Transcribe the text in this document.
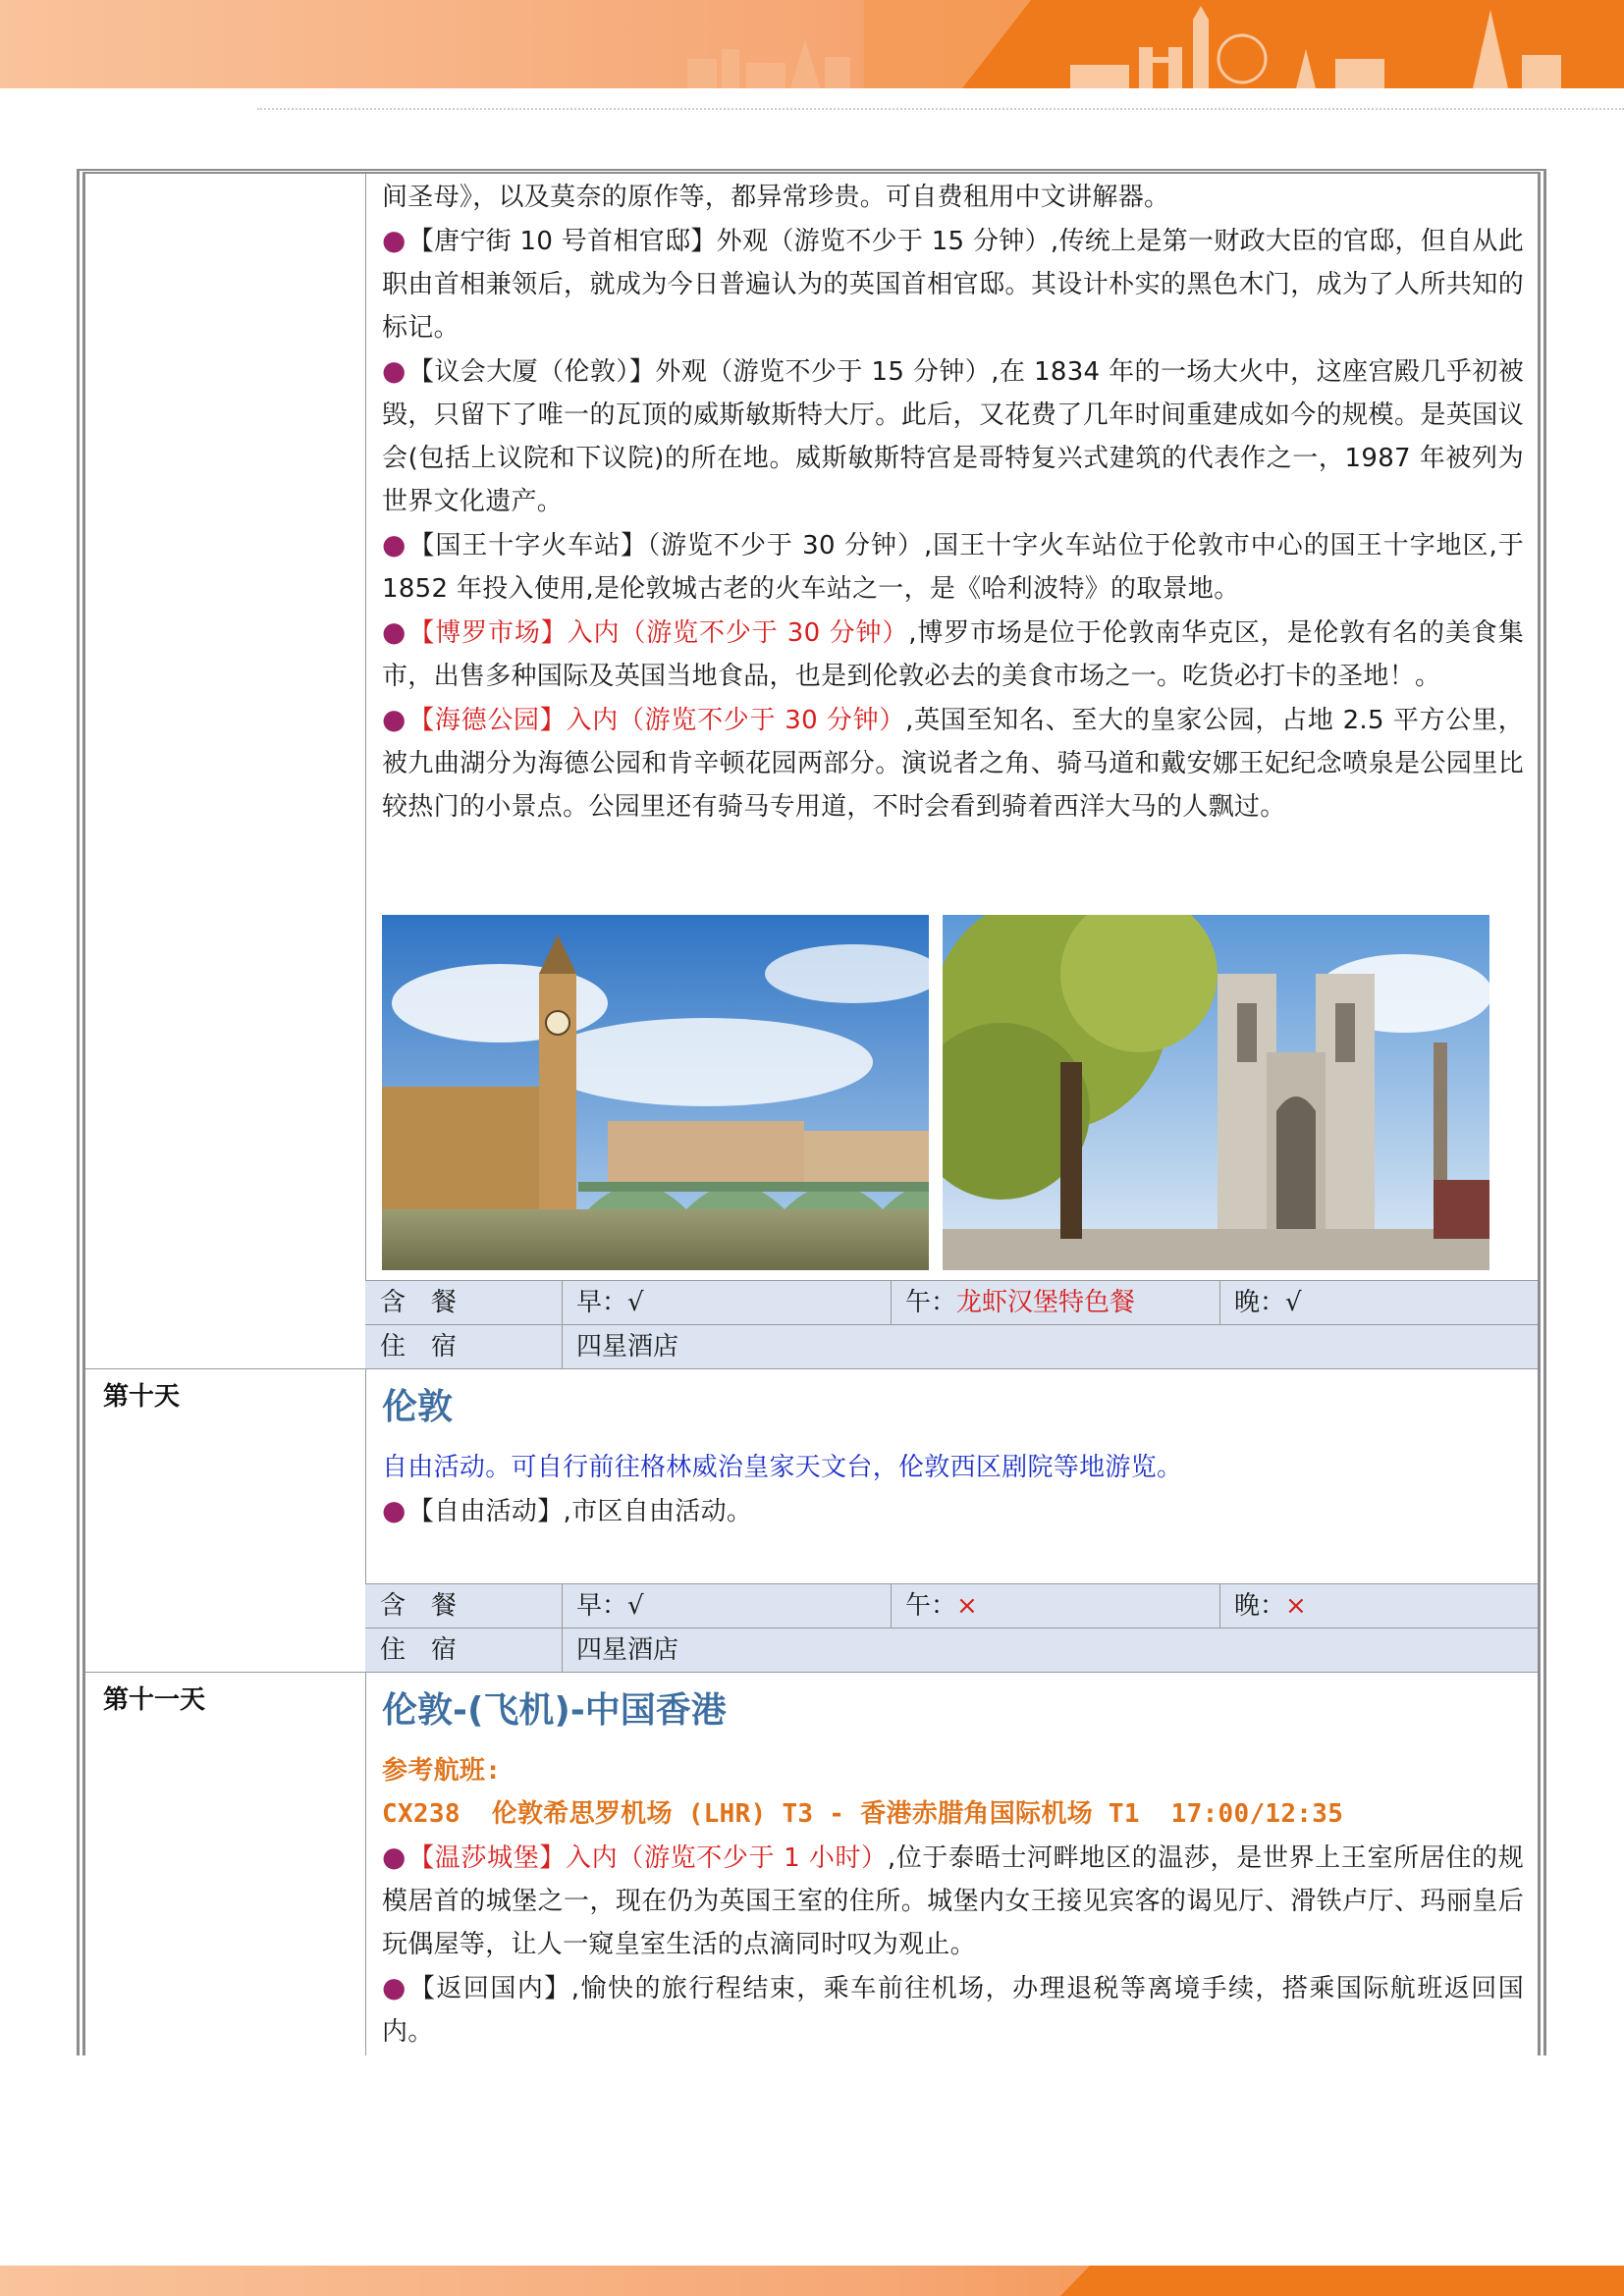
间圣母》，以及莫奈的原作等，都异常珍贵。可自费租用中文讲解器。

●【唐宁街 10 号首相官邸】外观（游览不少于 15 分钟）,传统上是第一财政大臣的官邸，但自从此职由首相兼领后，就成为今日普遍认为的英国首相官邸。其设计朴实的黑色木门，成为了人所共知的标记。

●【议会大厦（伦敦）】外观（游览不少于 15 分钟）,在 1834 年的一场大火中，这座宫殿几乎初被毁，只留下了唯一的瓦顶的威斯敏斯特大厅。此后，又花费了几年时间重建成如今的规模。是英国议会(包括上议院和下议院)的所在地。威斯敏斯特宫是哥特复兴式建筑的代表作之一，1987 年被列为世界文化遗产。

●【国王十字火车站】（游览不少于 30 分钟）,国王十字火车站位于伦敦市中心的国王十字地区,于 1852 年投入使用,是伦敦城古老的火车站之一，是《哈利波特》的取景地。

●【博罗市场】入内（游览不少于 30 分钟）,博罗市场是位于伦敦南华克区，是伦敦有名的美食集市，出售多种国际及英国当地食品，也是到伦敦必去的美食市场之一。吃货必打卡的圣地！。

●【海德公园】入内（游览不少于 30 分钟）,英国至知名、至大的皇家公园，占地 2.5 平方公里，被九曲湖分为海德公园和肯辛顿花园两部分。演说者之角、骑马道和戴安娜王妃纪念喷泉是公园里比较热门的小景点。公园里还有骑马专用道，不时会看到骑着西洋大马的人飘过。

含　餐	早：√	午：龙虾汉堡特色餐	晚：√
住　宿	四星酒店
第十天	伦敦

自由活动。可自行前往格林威治皇家天文台，伦敦西区剧院等地游览。

●【自由活动】,市区自由活动。

含　餐	早：√	午：×	晚：×
住　宿	四星酒店
第十一天	伦敦-(飞机)-中国香港

参考航班:

CX238  伦敦希思罗机场 (LHR) T3 - 香港赤腊角国际机场 T1  17:00/12:35

●【温莎城堡】入内（游览不少于 1 小时）,位于泰晤士河畔地区的温莎，是世界上王室所居住的规模居首的城堡之一，现在仍为英国王室的住所。城堡内女王接见宾客的谒见厅、滑铁卢厅、玛丽皇后玩偶屋等，让人一窥皇室生活的点滴同时叹为观止。

●【返回国内】,愉快的旅行程结束，乘车前往机场，办理退税等离境手续，搭乘国际航班返回国内。
